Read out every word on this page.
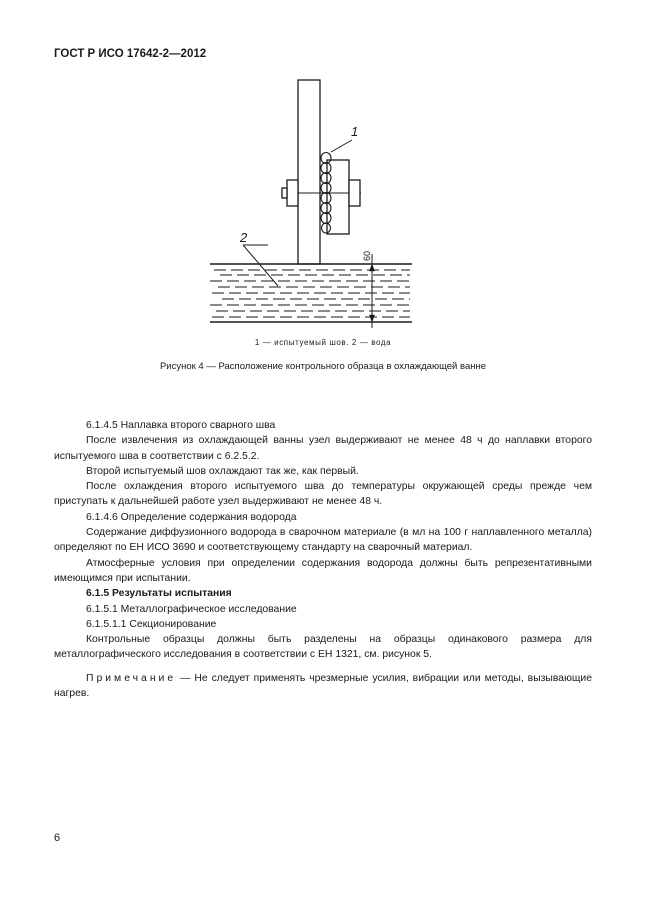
ГОСТ Р ИСО 17642-2—2012
1
2
60
1 — испытуемый шов. 2 — вода
Рисунок 4 — Расположение контрольного образца в охлаждающей ванне

6.1.4.5 Наплавка второго сварного шва

После извлечения из охлаждающей ванны узел выдерживают не менее 48 ч до наплавки второго испытуемого шва в соответствии с 6.2.5.2.

Второй испытуемый шов охлаждают так же, как первый.

После охлаждения второго испытуемого шва до температуры окружающей среды прежде чем приступать к дальнейшей работе узел выдерживают не менее 48 ч.

6.1.4.6 Определение содержания водорода

Содержание диффузионного водорода в сварочном материале (в мл на 100 г наплавленного металла) определяют по ЕН ИСО 3690 и соответствующему стандарту на сварочный материал.

Атмосферные условия при определении содержания водорода должны быть репрезентативными имеющимся при испытании.

6.1.5 Результаты испытания

6.1.5.1 Металлографическое исследование

6.1.5.1.1 Секционирование

Контрольные образцы должны быть разделены на образцы одинакового размера для металлографического исследования в соответствии с ЕН 1321, см. рисунок 5.

Примечание — Не следует применять чрезмерные усилия, вибрации или методы, вызывающие нагрев.

6
